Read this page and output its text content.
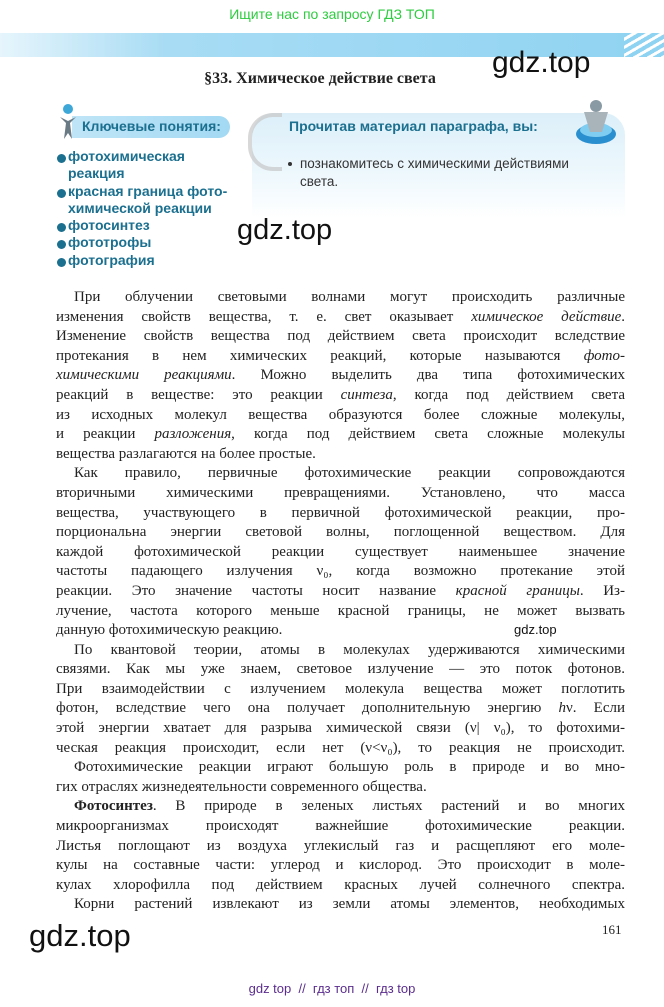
Ищите нас по запросу ГДЗ ТОП
§33. Химическое действие света	gdz.top
Ключевые понятия:
фотохимическая
реакция
красная граница фото-
химической реакции
фотосинтез
фототрофы
фотография
Прочитав материал параграфа, вы:
познакомитесь с химическими действиями света.
gdz.top
При облучении световыми волнами могут происходить различные
изменения свойств вещества, т. е. свет оказывает химическое действие.
Изменение свойств вещества под действием света происходит вследствие
протекания в нем химических реакций, которые называются фото-
химическими реакциями. Можно выделить два типа фотохимических
реакций в веществе: это реакции синтеза, когда под действием света
из исходных молекул вещества образуются более сложные молекулы,
и реакции разложения, когда под действием света сложные молекулы
вещества разлагаются на более простые.
Как правило, первичные фотохимические реакции сопровождаются
вторичными химическими превращениями. Установлено, что масса
вещества, участвующего в первичной фотохимической реакции, про-
порциональна энергии световой волны, поглощенной веществом. Для
каждой фотохимической реакции существует наименьшее значение
частоты падающего излучения ν₀, когда возможно протекание этой
реакции. Это значение частоты носит название красной границы. Из-
лучение, частота которого меньше красной границы, не может вызвать
данную фотохимическую реакцию.
По квантовой теории, атомы в молекулах удерживаются химическими
связями. Как мы уже знаем, световое излучение — это поток фотонов.
При взаимодействии с излучением молекула вещества может поглотить
фотон, вследствие чего она получает дополнительную энергию hν. Если
этой энергии хватает для разрыва химической связи (ν| ν₀), то фотохими-
ческая реакция происходит, если нет (ν<ν₀), то реакция не происходит.
Фотохимические реакции играют большую роль в природе и во мно-
гих отраслях жизнедеятельности современного общества.
Фотосинтез. В природе в зеленых листьях растений и во многих
микроорганизмах происходят важнейшие фотохимические реакции.
Листья поглощают из воздуха углекислый газ и расщепляют его моле-
кулы на составные части: углерод и кислород. Это происходит в моле-
кулах хлорофилла под действием красных лучей солнечного спектра.
Корни растений извлекают из земли атомы элементов, необходимых
gdz.top
gdz.top	161
gdz top  //  гдз топ  //  гдз top
